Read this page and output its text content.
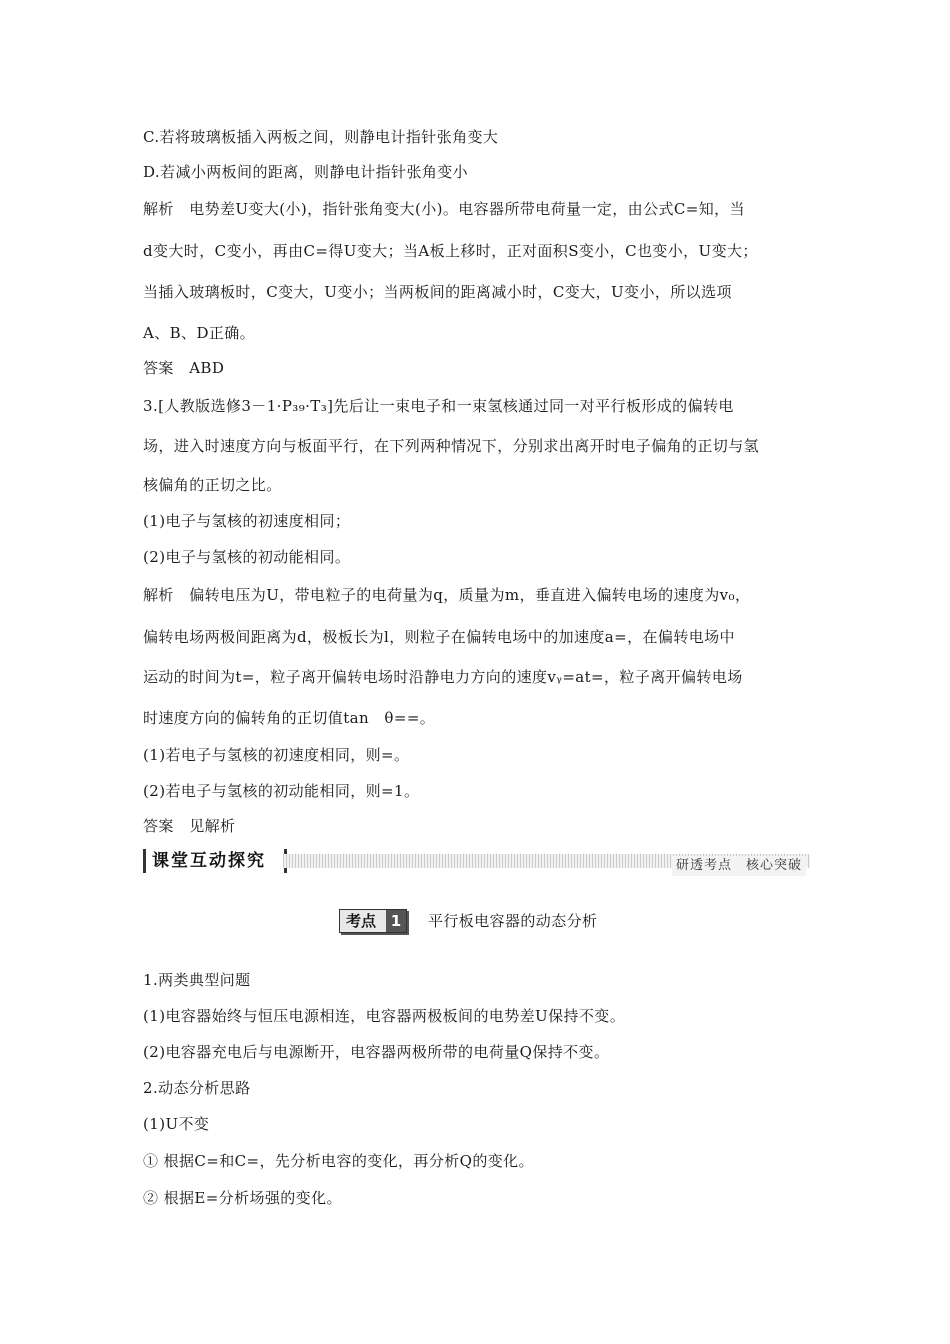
C.若将玻璃板插入两板之间，则静电计指针张角变大
D.若减小两板间的距离，则静电计指针张角变小
解析　电势差U变大(小)，指针张角变大(小)。电容器所带电荷量一定，由公式C=知，当
d变大时，C变小，再由C=得U变大；当A板上移时，正对面积S变小，C也变小，U变大；
当插入玻璃板时，C变大，U变小；当两板间的距离减小时，C变大，U变小，所以选项
A、B、D正确。
答案　ABD
3.[人教版选修3－1·P₃₉·T₃]先后让一束电子和一束氢核通过同一对平行板形成的偏转电
场，进入时速度方向与板面平行，在下列两种情况下，分别求出离开时电子偏角的正切与氢
核偏角的正切之比。
(1)电子与氢核的初速度相同；
(2)电子与氢核的初动能相同。
解析　偏转电压为U，带电粒子的电荷量为q，质量为m，垂直进入偏转电场的速度为v₀，
偏转电场两极间距离为d，极板长为l，则粒子在偏转电场中的加速度a=，在偏转电场中
运动的时间为t=，粒子离开偏转电场时沿静电力方向的速度vᵧ=at=，粒子离开偏转电场
时速度方向的偏转角的正切值tan　θ==。
(1)若电子与氢核的初速度相同，则=。
(2)若电子与氢核的初动能相同，则=1。
答案　见解析
课堂互动探究	研透考点　核心突破
考点 1	平行板电容器的动态分析
1.两类典型问题
(1)电容器始终与恒压电源相连，电容器两极板间的电势差U保持不变。
(2)电容器充电后与电源断开，电容器两极所带的电荷量Q保持不变。
2.动态分析思路
(1)U不变
① 根据C=和C=，先分析电容的变化，再分析Q的变化。
② 根据E=分析场强的变化。
